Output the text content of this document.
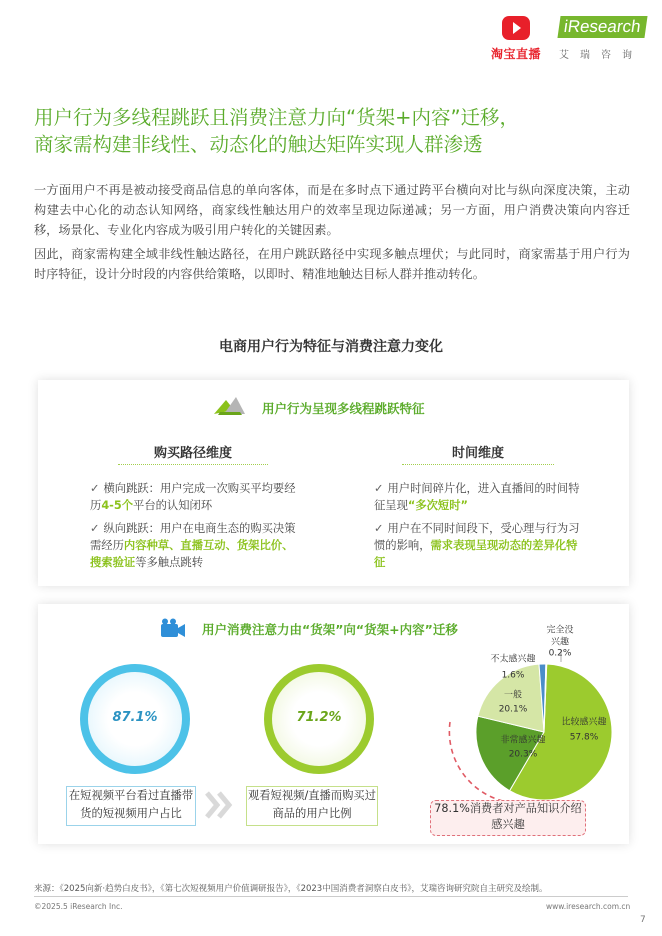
淘宝直播
iResearch
艾瑞咨询
用户行为多线程跳跃且消费注意力向“货架+内容”迁移，
商家需构建非线性、动态化的触达矩阵实现人群渗透
一方面用户不再是被动接受商品信息的单向客体，而是在多时点下通过跨平台横向对比与纵向深度决策，主动构建去中心化的动态认知网络，商家线性触达用户的效率呈现边际递减；另一方面，用户消费决策向内容迁移，场景化、专业化内容成为吸引用户转化的关键因素。
因此，商家需构建全域非线性触达路径，在用户跳跃路径中实现多触点埋伏；与此同时，商家需基于用户行为时序特征，设计分时段的内容供给策略，以即时、精准地触达目标人群并推动转化。
电商用户行为特征与消费注意力变化
用户行为呈现多线程跳跃特征
购买路径维度	时间维度
✓ 横向跳跃：用户完成一次购买平均要经历4-5个平台的认知闭环
✓ 纵向跳跃：用户在电商生态的购买决策需经历内容种草、直播互动、货架比价、搜索验证等多触点跳转
✓ 用户时间碎片化，进入直播间的时间特征呈现“多次短时”
✓ 用户在不同时间段下，受心理与行为习惯的影响，需求表现呈现动态的差异化特征
用户消费注意力由“货架”向“货架+内容”迁移
87.1%
在短视频平台看过直播带货的短视频用户占比
71.2%
观看短视频/直播而购买过商品的用户比例
完全没
兴趣
0.2%
不太感兴趣
1.6%
一般
20.1%
非常感兴趣
20.3%
比较感兴趣
57.8%
78.1%消费者对产品知识介绍感兴趣
来源：《2025向新·趋势白皮书》，《第七次短视频用户价值调研报告》，《2023中国消费者洞察白皮书》，艾瑞咨询研究院自主研究及绘制。
©2025.5 iResearch Inc.	www.iresearch.com.cn
7
